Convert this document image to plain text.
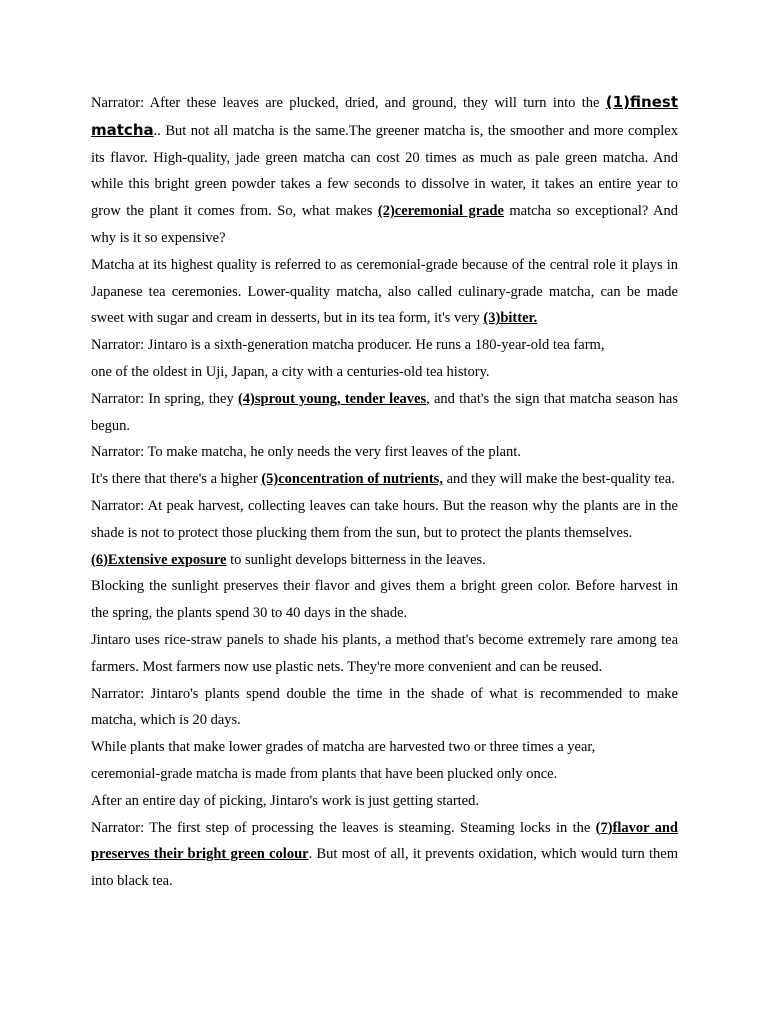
Narrator: After these leaves are plucked, dried, and ground, they will turn into the (1)finest matcha.. But not all matcha is the same.The greener matcha is, the smoother and more complex its flavor. High-quality, jade green matcha can cost 20 times as much as pale green matcha. And while this bright green powder takes a few seconds to dissolve in water, it takes an entire year to grow the plant it comes from. So, what makes (2)ceremonial grade matcha so exceptional? And why is it so expensive?

Matcha at its highest quality is referred to as ceremonial-grade because of the central role it plays in Japanese tea ceremonies. Lower-quality matcha, also called culinary-grade matcha, can be made sweet with sugar and cream in desserts, but in its tea form, it's very (3)bitter.

Narrator: Jintaro is a sixth-generation matcha producer. He runs a 180-year-old tea farm,

one of the oldest in Uji, Japan, a city with a centuries-old tea history.

Narrator: In spring, they (4)sprout young, tender leaves, and that's the sign that matcha season has begun.

Narrator: To make matcha, he only needs the very first leaves of the plant.

It's there that there's a higher (5)concentration of nutrients, and they will make the best-quality tea.

Narrator: At peak harvest, collecting leaves can take hours. But the reason why the plants are in the shade is not to protect those plucking them from the sun, but to protect the plants themselves.

(6)Extensive exposure to sunlight develops bitterness in the leaves.

Blocking the sunlight preserves their flavor and gives them a bright green color. Before harvest in the spring, the plants spend 30 to 40 days in the shade.

Jintaro uses rice-straw panels to shade his plants, a method that's become extremely rare among tea farmers. Most farmers now use plastic nets. They're more convenient and can be reused.

Narrator: Jintaro's plants spend double the time in the shade of what is recommended to make matcha, which is 20 days.

While plants that make lower grades of matcha are harvested two or three times a year,

ceremonial-grade matcha is made from plants that have been plucked only once.

After an entire day of picking, Jintaro's work is just getting started.

Narrator: The first step of processing the leaves is steaming. Steaming locks in the (7)flavor and preserves their bright green colour. But most of all, it prevents oxidation, which would turn them into black tea.
